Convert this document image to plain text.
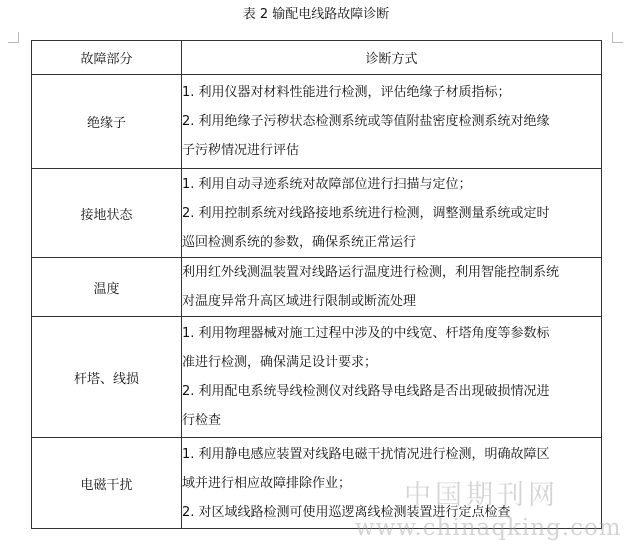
表 2 输配电线路故障诊断
故障部分	诊断方式
绝缘子	1. 利用仪器对材料性能进行检测，评估绝缘子材质指标；
2. 利用绝缘子污秽状态检测系统或等值附盐密度检测系统对绝缘
子污秽情况进行评估

接地状态	1. 利用自动寻迹系统对故障部位进行扫描与定位；
2. 利用控制系统对线路接地系统进行检测，调整测量系统或定时
巡回检测系统的参数，确保系统正常运行

温度	利用红外线测温装置对线路运行温度进行检测，利用智能控制系统
对温度异常升高区域进行限制或断流处理

杆塔、线损	1. 利用物理器械对施工过程中涉及的中线宽、杆塔角度等参数标
准进行检测，确保满足设计要求；
2. 利用配电系统导线检测仪对线路导电线路是否出现破损情况进
行检查

电磁干扰	1. 利用静电感应装置对线路电磁干扰情况进行检测，明确故障区
域并进行相应故障排除作业；
2. 对区域线路检测可使用巡逻离线检测装置进行定点检查
中国期刊网
www.chinaqking.com
